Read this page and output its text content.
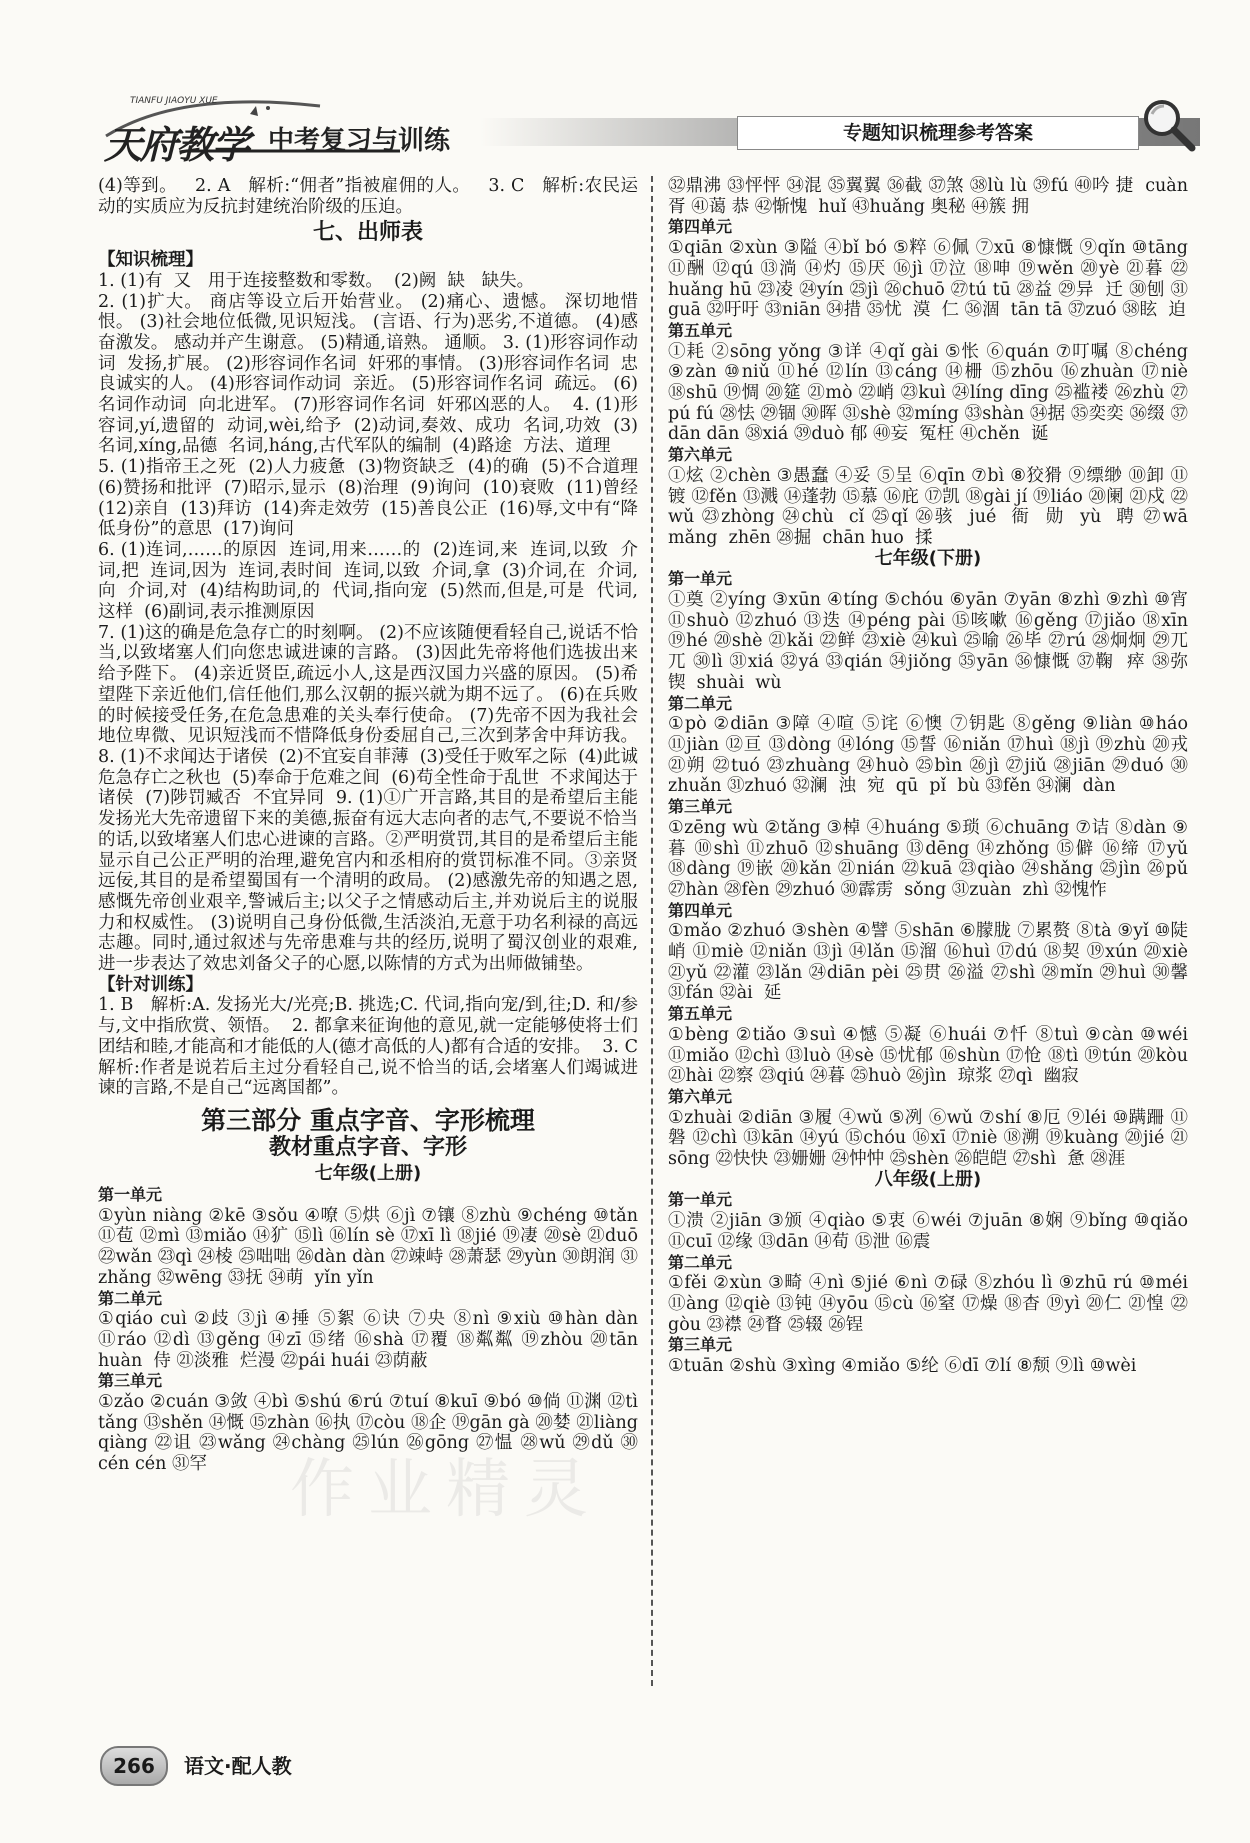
TIANFU JIAOYU XUE
天府教学 中考复习与训练	专题知识梳理参考答案
(4)等到。   2. A   解析:“佣者”指被雇佣的人。   3. C   解析:农民运动的实质应为反抗封建统治阶级的压迫。
七、出师表
【知识梳理】
1. (1)有  又   用于连接整数和零数。  (2)阙  缺   缺失。
2. (1)扩大。 商店等设立后开始营业。 (2)痛心、遗憾。 深切地惜恨。 (3)社会地位低微,见识短浅。 (言语、行为)恶劣,不道德。 (4)感奋激发。 感动并产生谢意。 (5)精通,谙熟。 通顺。 3. (1)形容词作动词  发扬,扩展。 (2)形容词作名词  奸邪的事情。 (3)形容词作名词  忠良诚实的人。 (4)形容词作动词  亲近。 (5)形容词作名词  疏远。 (6)名词作动词  向北进军。 (7)形容词作名词  奸邪凶恶的人。  4. (1)形容词,yí,遗留的  动词,wèi,给予  (2)动词,奏效、成功  名词,功效  (3)名词,xíng,品德  名词,háng,古代军队的编制  (4)路途  方法、道理
5. (1)指帝王之死  (2)人力疲惫  (3)物资缺乏  (4)的确  (5)不合道理  (6)赞扬和批评  (7)昭示,显示  (8)治理  (9)询问  (10)衰败  (11)曾经  (12)亲自  (13)拜访  (14)奔走效劳  (15)善良公正  (16)辱,文中有“降低身份”的意思  (17)询问
6. (1)连词,……的原因  连词,用来……的  (2)连词,来  连词,以致  介词,把  连词,因为  连词,表时间  连词,以致  介词,拿  (3)介词,在  介词,向  介词,对  (4)结构助词,的  代词,指向宠  (5)然而,但是,可是  代词,这样  (6)副词,表示推测原因
7. (1)这的确是危急存亡的时刻啊。 (2)不应该随便看轻自己,说话不恰当,以致堵塞人们向您忠诚进谏的言路。 (3)因此先帝将他们选拔出来给予陛下。 (4)亲近贤臣,疏远小人,这是西汉国力兴盛的原因。 (5)希望陛下亲近他们,信任他们,那么汉朝的振兴就为期不远了。 (6)在兵败的时候接受任务,在危急患难的关头奉行使命。 (7)先帝不因为我社会地位卑微、见识短浅而不惜降低身份委屈自己,三次到茅舍中拜访我。  8. (1)不求闻达于诸侯  (2)不宜妄自菲薄  (3)受任于败军之际  (4)此诚危急存亡之秋也  (5)奉命于危难之间  (6)苟全性命于乱世  不求闻达于诸侯  (7)陟罚臧否  不宜异同  9. (1)①广开言路,其目的是希望后主能发扬光大先帝遗留下来的美德,振奋有远大志向者的志气,不要说不恰当的话,以致堵塞人们忠心进谏的言路。②严明赏罚,其目的是希望后主能显示自己公正严明的治理,避免宫内和丞相府的赏罚标准不同。③亲贤远佞,其目的是希望蜀国有一个清明的政局。 (2)感激先帝的知遇之恩,感慨先帝创业艰辛,警诫后主;以父子之情感动后主,并劝说后主的说服力和权威性。 (3)说明自己身份低微,生活淡泊,无意于功名利禄的高远志趣。同时,通过叙述与先帝患难与共的经历,说明了蜀汉创业的艰难,进一步表达了效忠刘备父子的心愿,以陈情的方式为出师做铺垫。
【针对训练】
1. B   解析:A. 发扬光大/光亮;B. 挑选;C. 代词,指向宠/到,往;D. 和/参与,文中指欣赏、领悟。  2. 都拿来征询他的意见,就一定能够使将士们团结和睦,才能高和才能低的人(德才高低的人)都有合适的安排。  3. C   解析:作者是说若后主过分看轻自己,说不恰当的话,会堵塞人们竭诚进谏的言路,不是自己“远离国都”。
第三部分 重点字音、字形梳理
教材重点字音、字形
七年级(上册)
第一单元
①yùn niàng ②kē ③sǒu ④嘹 ⑤烘 ⑥jì ⑦镶 ⑧zhù ⑨chéng ⑩tǎn ⑪苞 ⑫mì ⑬miǎo ⑭犷 ⑮lì ⑯lín sè ⑰xī lì ⑱jié ⑲凄 ⑳sè ㉑duō ㉒wǎn ㉓qì ㉔棱 ㉕咄咄 ㉖dàn dàn ㉗竦峙 ㉘萧瑟 ㉙yùn ㉚朗润 ㉛zhǎng ㉜wēng ㉝抚 ㉞萌  yǐn yǐn
第二单元
①qiáo cuì ②歧 ③jì ④捶 ⑤絮 ⑥诀 ⑦央 ⑧nì ⑨xiù ⑩hàn dàn ⑪ráo ⑫dì ⑬gěng ⑭zī ⑮绪 ⑯shà ⑰覆 ⑱粼粼 ⑲zhòu ⑳tān huàn  侍 ㉑淡雅  烂漫 ㉒pái huái ㉓荫蔽
第三单元
①zǎo ②cuán ③敛 ④bì ⑤shú ⑥rú ⑦tuí ⑧kuī ⑨bó ⑩倘 ⑪渊 ⑫tì tǎng ⑬shěn ⑭慨 ⑮zhàn ⑯执 ⑰còu ⑱企 ⑲gān gà ⑳婪 ㉑liàng qiàng ㉒诅 ㉓wǎng ㉔chàng ㉕lún ㉖gōng ㉗愠 ㉘wǔ ㉙dǔ ㉚cén cén ㉛罕
㉜鼎沸 ㉝怦怦 ㉞混 ㉟翼翼 ㊱截 ㊲煞 ㊳lù lù ㊴fú ㊵吟 捷  cuàn 胥 ㊶蔼 恭 ㊷惭愧  huǐ ㊸huǎng 奥秘 ㊹簇 拥
第四单元
①qiān ②xùn ③隘 ④bǐ bó ⑤粹 ⑥佩 ⑦xū ⑧慷慨 ⑨qǐn ⑩tāng ⑪酬 ⑫qú ⑬淌 ⑭灼 ⑮厌 ⑯jì ⑰泣 ⑱呻 ⑲wěn ⑳yè ㉑暮 ㉒huǎng hū ㉓凌 ㉔yín ㉕jì ㉖chuō ㉗tú tū ㉘益 ㉙异  迁 ㉚刨 ㉛guā ㉜吁吁 ㉝niān ㉞措 ㉟忧  漠  仁 ㊱涸  tān tā ㊲zuó ㊳眩  迫
第五单元
①耗 ②sōng yǒng ③详 ④qǐ gài ⑤怅 ⑥quán ⑦叮嘱 ⑧chéng ⑨zàn ⑩niǔ ⑪hé ⑫lín ⑬cáng ⑭栅 ⑮zhōu ⑯zhuàn ⑰niè ⑱shū ⑲惆 ⑳筵 ㉑mò ㉒峭 ㉓kuì ㉔líng dīng ㉕褴褛 ㉖zhù ㉗pú fú ㉘怯 ㉙锢 ㉚晖 ㉛shè ㉜míng ㉝shàn ㉞据 ㉟奕奕 ㊱缀 ㊲dān dān ㊳xiá ㊴duò 郁 ㊵妄  冤枉 ㊶chěn  诞
第六单元
①炫 ②chèn ③愚蠢 ④妥 ⑤呈 ⑥qīn ⑦bì ⑧狡猾 ⑨缥缈 ⑩卸 ⑪镀 ⑫fěn ⑬溅 ⑭蓬勃 ⑮慕 ⑯庇 ⑰凯 ⑱gài jí ⑲liáo ⑳阑 ㉑戍 ㉒wǔ ㉓zhòng ㉔chù  cǐ ㉕qǐ ㉖骇  jué  衙  勋  yù  聘 ㉗wā  mǎng  zhēn ㉘掘  chān huo  揉
七年级(下册)
第一单元
①奠 ②yíng ③xūn ④tíng ⑤chóu ⑥yān ⑦yān ⑧zhì ⑨zhì ⑩宵 ⑪shuò ⑫zhuó ⑬迭 ⑭péng pài ⑮咳嗽 ⑯gěng ⑰jiǎo ⑱xīn ⑲hé ⑳shè ㉑kǎi ㉒鲜 ㉓xiè ㉔kuì ㉕喻 ㉖毕 ㉗rú ㉘炯炯 ㉙兀兀 ㉚lì ㉛xiá ㉜yá ㉝qián ㉞jiǒng ㉟yān ㊱慷慨 ㊲鞠  瘁 ㊳弥  锲  shuài  wù
第二单元
①pò ②diān ③障 ④喧 ⑤诧 ⑥懊 ⑦钥匙 ⑧gěng ⑨liàn ⑩háo ⑪jiàn ⑫亘 ⑬dòng ⑭lóng ⑮誓 ⑯niǎn ⑰huì ⑱jì ⑲zhù ⑳戎 ㉑朔 ㉒tuó ㉓zhuàng ㉔huò ㉕bìn ㉖jì ㉗jiǔ ㉘jiān ㉙duó ㉚zhuǎn ㉛zhuó ㉜澜  浊  宛  qū  pǐ  bù ㉝fěn ㉞澜  dàn
第三单元
①zēng wù ②tǎng ③棹 ④huáng ⑤琐 ⑥chuāng ⑦诘 ⑧dàn ⑨暮 ⑩shì ⑪zhuō ⑫shuāng ⑬dēng ⑭zhǒng ⑮僻 ⑯缔 ⑰yǔ ⑱dàng ⑲嵌 ⑳kǎn ㉑nián ㉒kuā ㉓qiào ㉔shǎng ㉕jìn ㉖pǔ ㉗hàn ㉘fèn ㉙zhuó ㉚霹雳  sǒng ㉛zuàn  zhì ㉜愧怍
第四单元
①mǎo ②zhuó ③shèn ④譬 ⑤shān ⑥朦胧 ⑦累赘 ⑧tà ⑨yǐ ⑩陡峭 ⑪miè ⑫niǎn ⑬jì ⑭lǎn ⑮溜 ⑯huì ⑰dú ⑱契 ⑲xún ⑳xiè ㉑yǔ ㉒灌 ㉓lǎn ㉔diān pèi ㉕贯 ㉖溢 ㉗shì ㉘mǐn ㉙huì ㉚馨 ㉛fán ㉜ài  延
第五单元
①bèng ②tiǎo ③suì ④憾 ⑤凝 ⑥huái ⑦忏 ⑧tuì ⑨càn ⑩wéi ⑪miǎo ⑫chì ⑬luò ⑭sè ⑮忧郁 ⑯shùn ⑰怆 ⑱tì ⑲tún ⑳kòu ㉑hài ㉒察 ㉓qiú ㉔暮 ㉕huò ㉖jìn  琼浆 ㉗qì  幽寂
第六单元
①zhuài ②diān ③履 ④wǔ ⑤冽 ⑥wǔ ⑦shí ⑧厄 ⑨léi ⑩蹒跚 ⑪磐 ⑫chì ⑬kān ⑭yú ⑮chóu ⑯xī ⑰niè ⑱溯 ⑲kuàng ⑳jié ㉑sōng ㉒快快 ㉓姗姗 ㉔忡忡 ㉕shèn ㉖皑皑 ㉗shì  惫 ㉘涯
八年级(上册)
第一单元
①溃 ②jiān ③颁 ④qiào ⑤衷 ⑥wéi ⑦juān ⑧娴 ⑨bǐng ⑩qiǎo ⑪cuī ⑫缘 ⑬dān ⑭荀 ⑮泄 ⑯震
第二单元
①fěi ②xùn ③畸 ④nì ⑤jié ⑥nì ⑦碌 ⑧zhóu lì ⑨zhū rú ⑩méi ⑪àng ⑫qiè ⑬钝 ⑭yōu ⑮cù ⑯窒 ⑰燥 ⑱杳 ⑲yì ⑳仁 ㉑惶 ㉒gòu ㉓襟 ㉔瞀 ㉕辍 ㉖锃
第三单元
①tuān ②shù ③xìng ④miǎo ⑤纶 ⑥dī ⑦lí ⑧颓 ⑨lì ⑩wèi
作业精灵
266	语文·配人教
